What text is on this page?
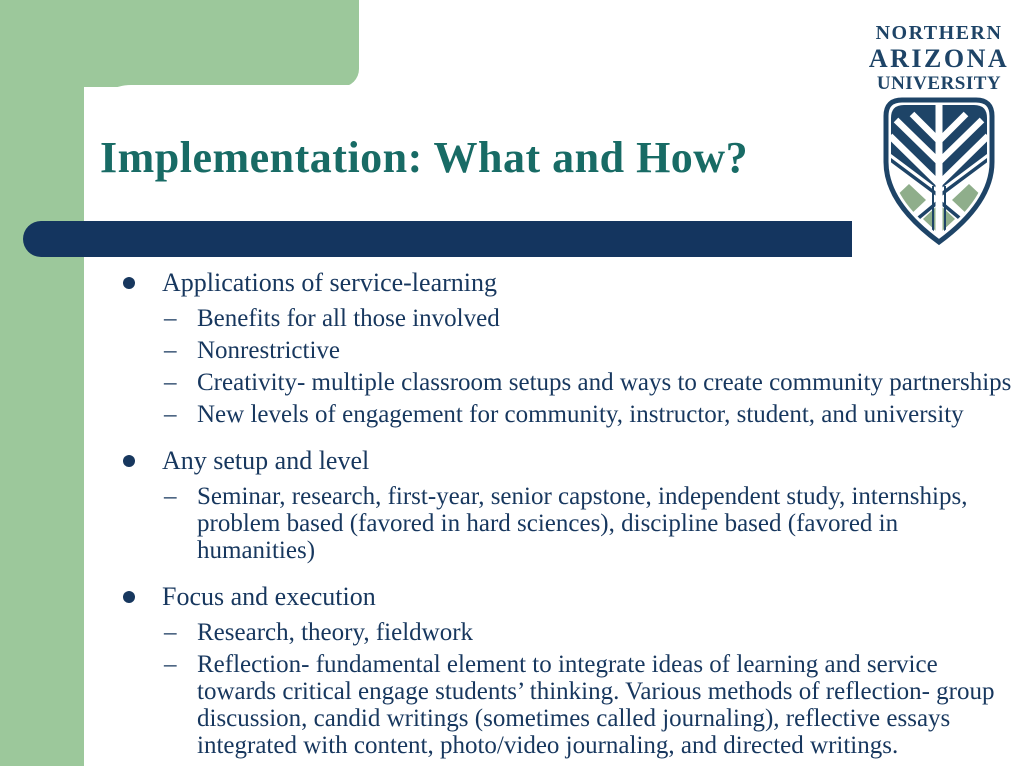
Implementation: What and How?
NORTHERN
ARIZONA
UNIVERSITY
Applications of service-learning
– Benefits for all those involved
– Nonrestrictive
– Creativity- multiple classroom setups and ways to create community partnerships
– New levels of engagement for community, instructor, student, and university
Any setup and level
– Seminar, research, first-year, senior capstone, independent study, internships,
problem based (favored in hard sciences), discipline based (favored in
humanities)
Focus and execution
– Research, theory, fieldwork
– Reflection- fundamental element to integrate ideas of learning and service
towards critical engage students’ thinking. Various methods of reflection- group
discussion, candid writings (sometimes called journaling), reflective essays
integrated with content, photo/video journaling, and directed writings.
